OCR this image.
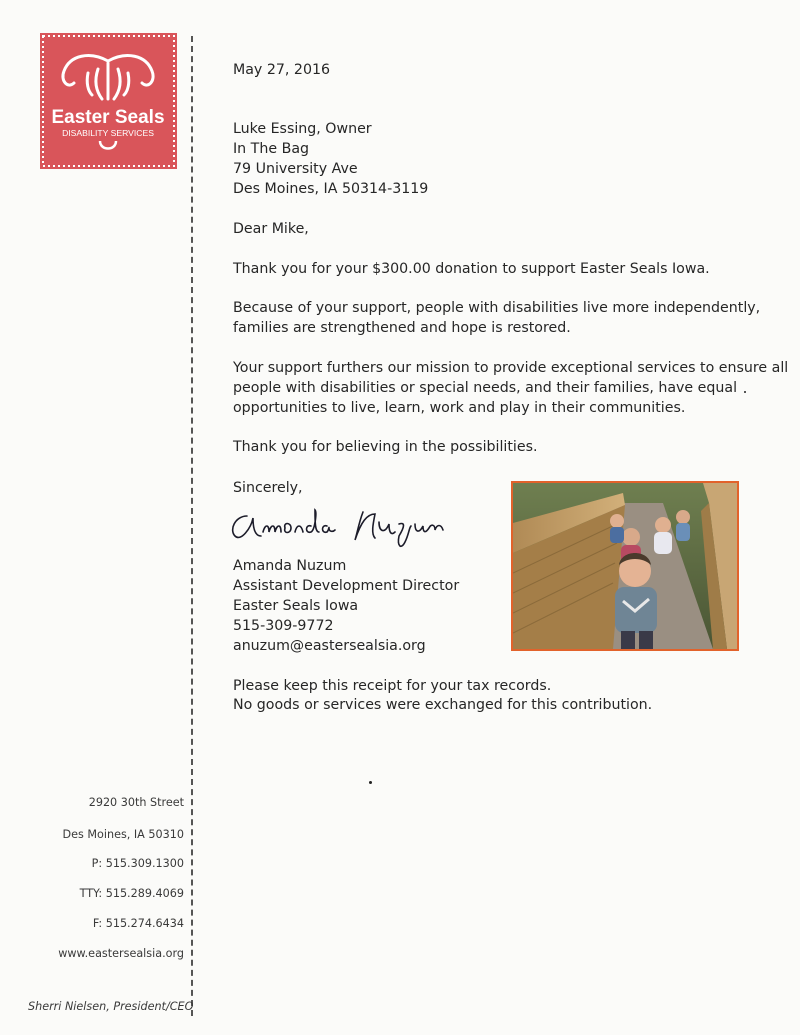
Easter Seals
DISABILITY SERVICES
May 27, 2016
Luke Essing, Owner
In The Bag
79 University Ave
Des Moines, IA 50314-3119
Dear Mike,
Thank you for your $300.00 donation to support Easter Seals Iowa.
Because of your support, people with disabilities live more independently,
families are strengthened and hope is restored.
Your support furthers our mission to provide exceptional services to ensure all
people with disabilities or special needs, and their families, have equal
opportunities to live, learn, work and play in their communities.
Thank you for believing in the possibilities.
Sincerely,
Amanda Nuzum
Assistant Development Director
Easter Seals Iowa
515-309-9772
anuzum@eastersealsia.org
Please keep this receipt for your tax records.
No goods or services were exchanged for this contribution.
2920 30th Street
Des Moines, IA 50310
P: 515.309.1300
TTY: 515.289.4069
F: 515.274.6434
www.eastersealsia.org
Sherri Nielsen, President/CEO
